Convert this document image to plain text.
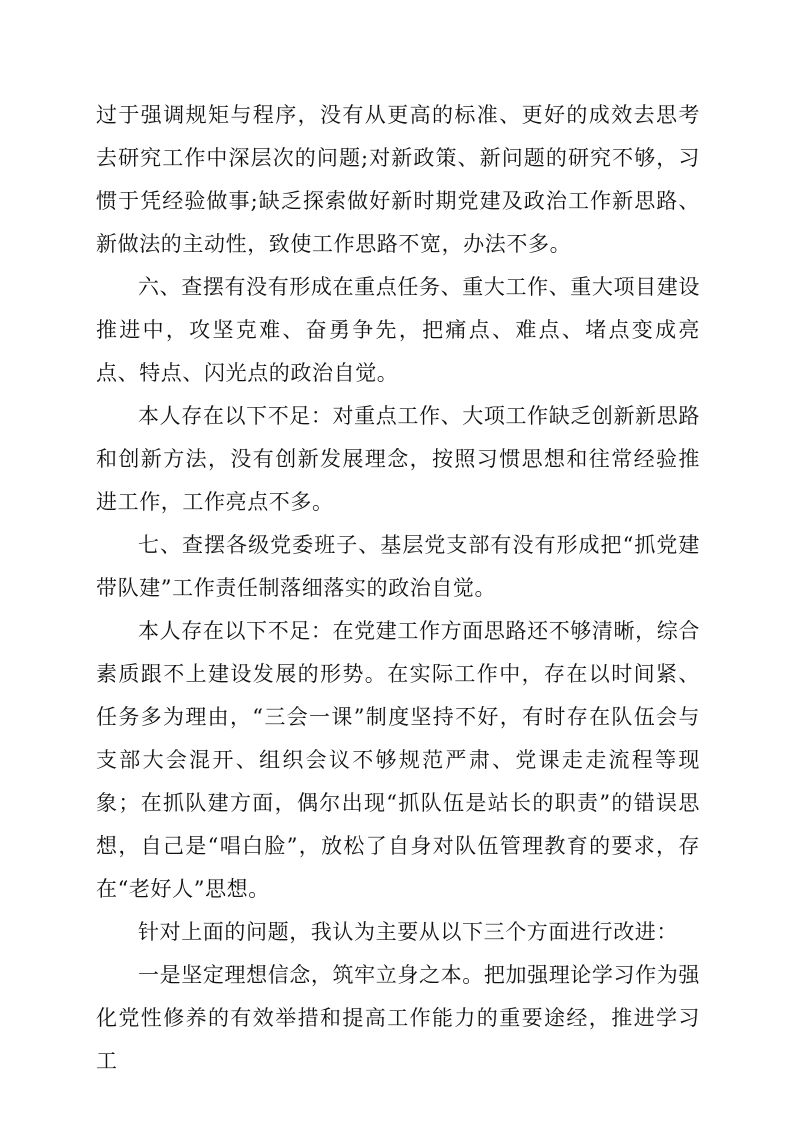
过于强调规矩与程序，没有从更高的标准、更好的成效去思考去研究工作中深层次的问题;对新政策、新问题的研究不够，习惯于凭经验做事;缺乏探索做好新时期党建及政治工作新思路、新做法的主动性，致使工作思路不宽，办法不多。

六、查摆有没有形成在重点任务、重大工作、重大项目建设推进中，攻坚克难、奋勇争先，把痛点、难点、堵点变成亮点、特点、闪光点的政治自觉。

本人存在以下不足：对重点工作、大项工作缺乏创新新思路和创新方法，没有创新发展理念，按照习惯思想和往常经验推进工作，工作亮点不多。

七、查摆各级党委班子、基层党支部有没有形成把“抓党建带队建”工作责任制落细落实的政治自觉。

本人存在以下不足：在党建工作方面思路还不够清晰，综合素质跟不上建设发展的形势。在实际工作中，存在以时间紧、任务多为理由，“三会一课”制度坚持不好，有时存在队伍会与支部大会混开、组织会议不够规范严肃、党课走走流程等现象；在抓队建方面，偶尔出现“抓队伍是站长的职责”的错误思想，自己是“唱白脸”，放松了自身对队伍管理教育的要求，存在“老好人”思想。

针对上面的问题，我认为主要从以下三个方面进行改进：

一是坚定理想信念，筑牢立身之本。把加强理论学习作为强化党性修养的有效举措和提高工作能力的重要途经，推进学习工
